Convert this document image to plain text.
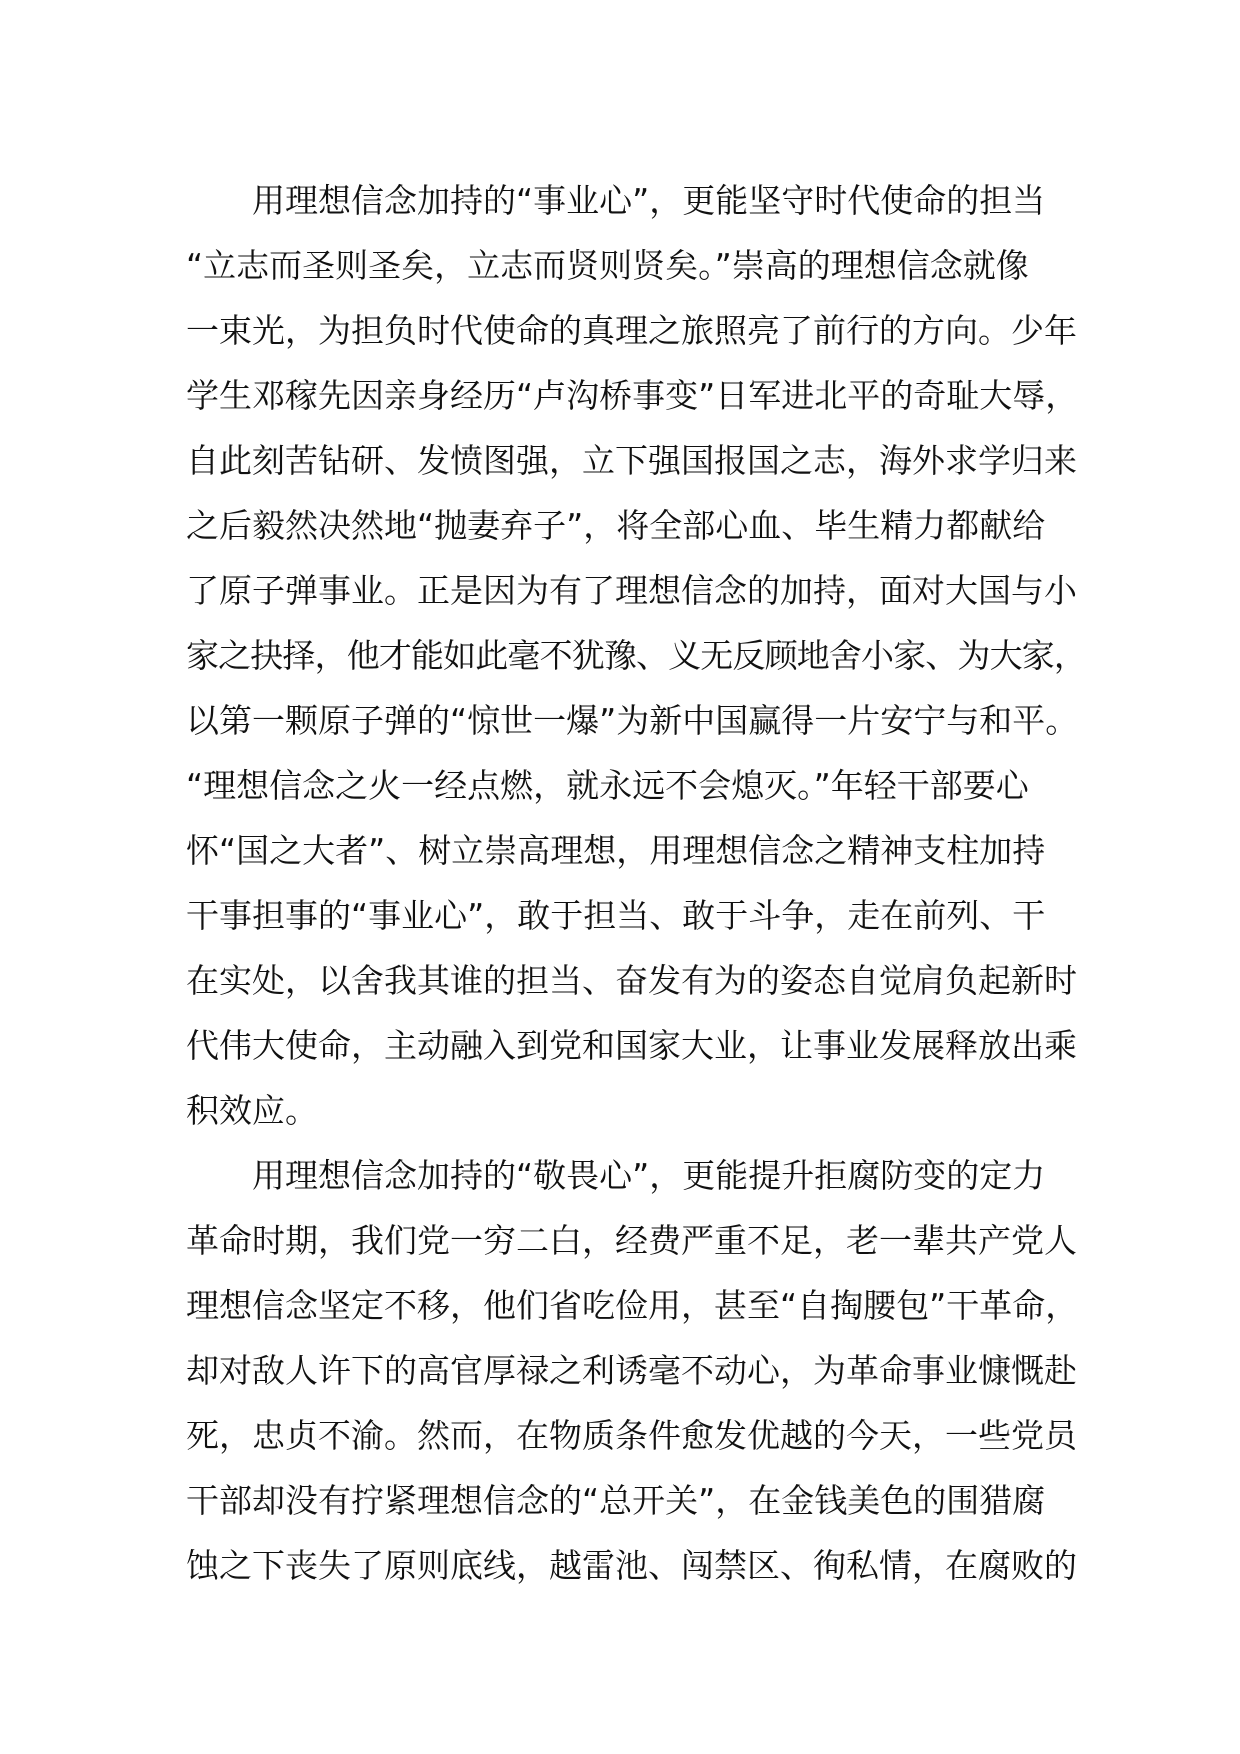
用理想信念加持的“事业心”，更能坚守时代使命的担当
“立志而圣则圣矣，立志而贤则贤矣。”崇高的理想信念就像
一束光，为担负时代使命的真理之旅照亮了前行的方向。少年
学生邓稼先因亲身经历“卢沟桥事变”日军进北平的奇耻大辱，
自此刻苦钻研、发愤图强，立下强国报国之志，海外求学归来
之后毅然决然地“抛妻弃子”，将全部心血、毕生精力都献给
了原子弹事业。正是因为有了理想信念的加持，面对大国与小
家之抉择，他才能如此毫不犹豫、义无反顾地舍小家、为大家，
以第一颗原子弹的“惊世一爆”为新中国赢得一片安宁与和平。
“理想信念之火一经点燃，就永远不会熄灭。”年轻干部要心
怀“国之大者”、树立崇高理想，用理想信念之精神支柱加持
干事担事的“事业心”，敢于担当、敢于斗争，走在前列、干
在实处，以舍我其谁的担当、奋发有为的姿态自觉肩负起新时
代伟大使命，主动融入到党和国家大业，让事业发展释放出乘
积效应。
用理想信念加持的“敬畏心”，更能提升拒腐防变的定力
革命时期，我们党一穷二白，经费严重不足，老一辈共产党人
理想信念坚定不移，他们省吃俭用，甚至“自掏腰包”干革命，
却对敌人许下的高官厚禄之利诱毫不动心，为革命事业慷慨赴
死，忠贞不渝。然而，在物质条件愈发优越的今天，一些党员
干部却没有拧紧理想信念的“总开关”，在金钱美色的围猎腐
蚀之下丧失了原则底线，越雷池、闯禁区、徇私情，在腐败的
